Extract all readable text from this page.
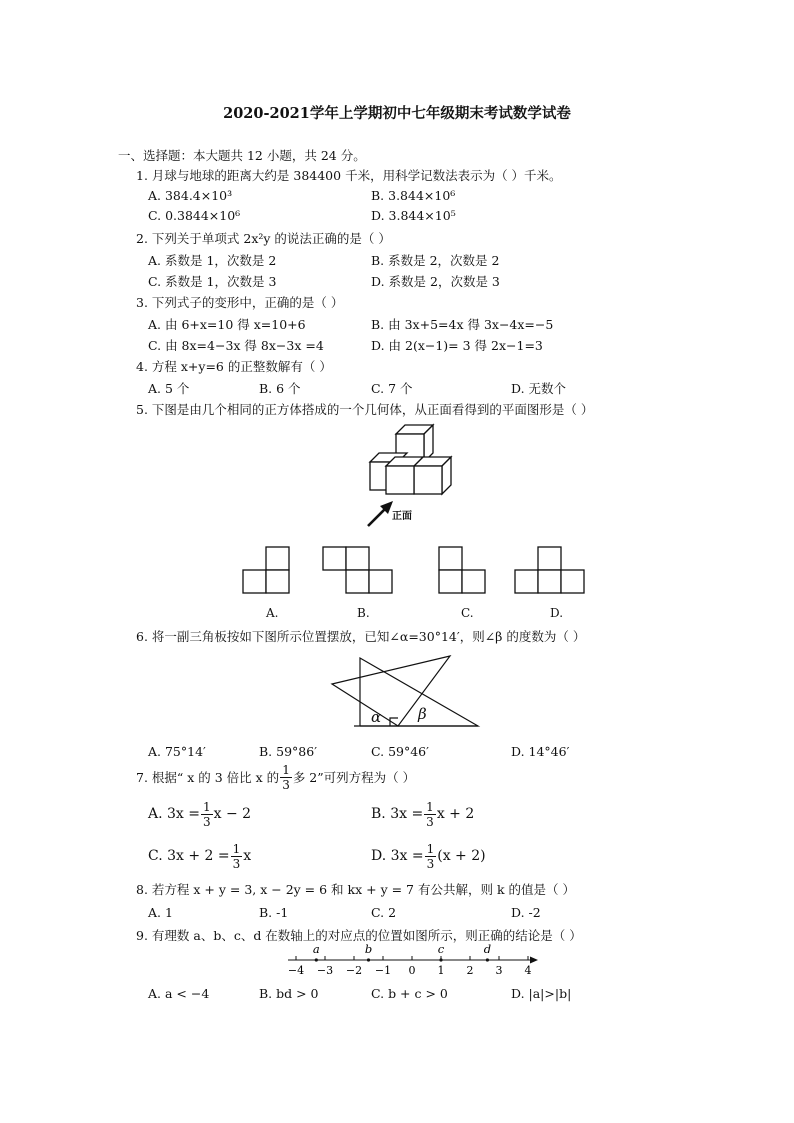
2020-2021学年上学期初中七年级期末考试数学试卷
一、选择题：本大题共 12 小题，共 24 分。
1. 月球与地球的距离大约是 384400 千米，用科学记数法表示为（ ）千米。
A. 384.4×10³	B. 3.844×10⁶
C. 0.3844×10⁶	D. 3.844×10⁵
2. 下列关于单项式 2x²y 的说法正确的是（ ）
A. 系数是 1，次数是 2	B. 系数是 2，次数是 2
C. 系数是 1，次数是 3	D. 系数是 2，次数是 3
3. 下列式子的变形中，正确的是（ ）
A. 由 6+x=10 得 x=10+6	B. 由 3x+5=4x 得 3x−4x=−5
C. 由 8x=4−3x 得 8x−3x =4	D. 由 2(x−1)= 3 得 2x−1=3
4. 方程 x+y=6 的正整数解有（ ）
A. 5 个	B. 6 个	C. 7 个	D. 无数个
5. 下图是由几个相同的正方体搭成的一个几何体，从正面看得到的平面图形是（ ）
正面
A.	B.	C.	D.
6. 将一副三角板按如下图所示位置摆放，已知∠α=30°14′，则∠β 的度数为（ ）
α β
A. 75°14′	B. 59°86′	C. 59°46′	D. 14°46′
7. 根据“ x 的 3 倍比 x 的 $\frac{1}{3}$ 多 2”可列方程为（ ）
A. $3x = \frac{1}{3}$ x − 2	B. $3x = \frac{1}{3}$ x + 2
C. $3x + 2 = \frac{1}{3}$ x	D. $3x = \frac{1}{3} (x + 2)$
8. 若方程 x + y = 3, x − 2y = 6 和 kx + y = 7 有公共解，则 k 的值是（ ）
A. 1	B. -1	C. 2	D. -2
9. 有理数 a、b、c、d 在数轴上的对应点的位置如图所示，则正确的结论是（ ）
−4 −3 −2 −1 0 1 2 3 4
a	b	c	d
A. a < −4	B. bd > 0	C. b + c > 0	D. |a|>|b|
